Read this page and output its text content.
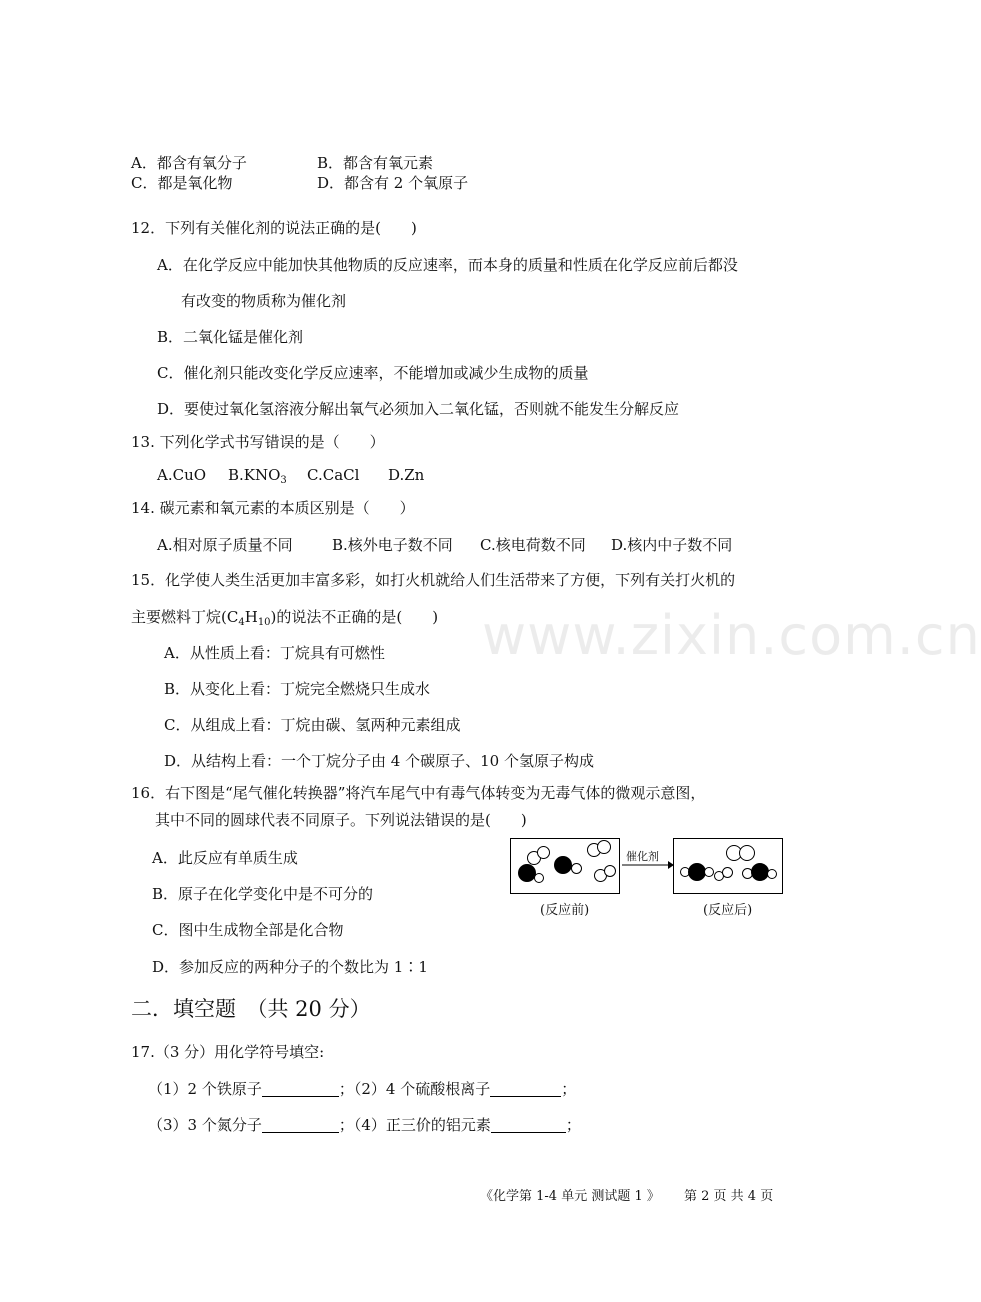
www.zixin.com.cn
A．都含有氧分子	B．都含有氧元素
C．都是氧化物	D．都含有 2 个氧原子
12．下列有关催化剂的说法正确的是(　　)
A．在化学反应中能加快其他物质的反应速率，而本身的质量和性质在化学反应前后都没
有改变的物质称为催化剂
B．二氧化锰是催化剂
C．催化剂只能改变化学反应速率，不能增加或减少生成物的质量
D．要使过氧化氢溶液分解出氧气必须加入二氧化锰，否则就不能发生分解反应
13. 下列化学式书写错误的是（　　）
A.CuO $B.KNO_3$ C.CaCl D.Zn
14. 碳元素和氧元素的本质区别是（　　）
A.相对原子质量不同	B.核外电子数不同 C.核电荷数不同 D.核内中子数不同
15．化学使人类生活更加丰富多彩，如打火机就给人们生活带来了方便，下列有关打火机的
主要燃料丁烷$(C_4H_{10})$的说法不正确的是(　　)
A．从性质上看：丁烷具有可燃性
B．从变化上看：丁烷完全燃烧只生成水
C．从组成上看：丁烷由碳、氢两种元素组成
D．从结构上看：一个丁烷分子由 4 个碳原子、10 个氢原子构成
16．右下图是“尾气催化转换器”将汽车尾气中有毒气体转变为无毒气体的微观示意图，
其中不同的圆球代表不同原子。下列说法错误的是(　　)
A．此反应有单质生成
B．原子在化学变化中是不可分的
C．图中生成物全部是化合物
D．参加反应的两种分子的个数比为 1∶1
催化剂
(反应前)	(反应后)
二．填空题　（共 20 分）
17.（3 分）用化学符号填空:
（1）2 个铁原子	；（2）4 个硫酸根离子	；
（3）3 个氮分子	；（4）正三价的铝元素	；
《化学第 1-4 单元 测试题 1 》 第 2 页 共 4 页
